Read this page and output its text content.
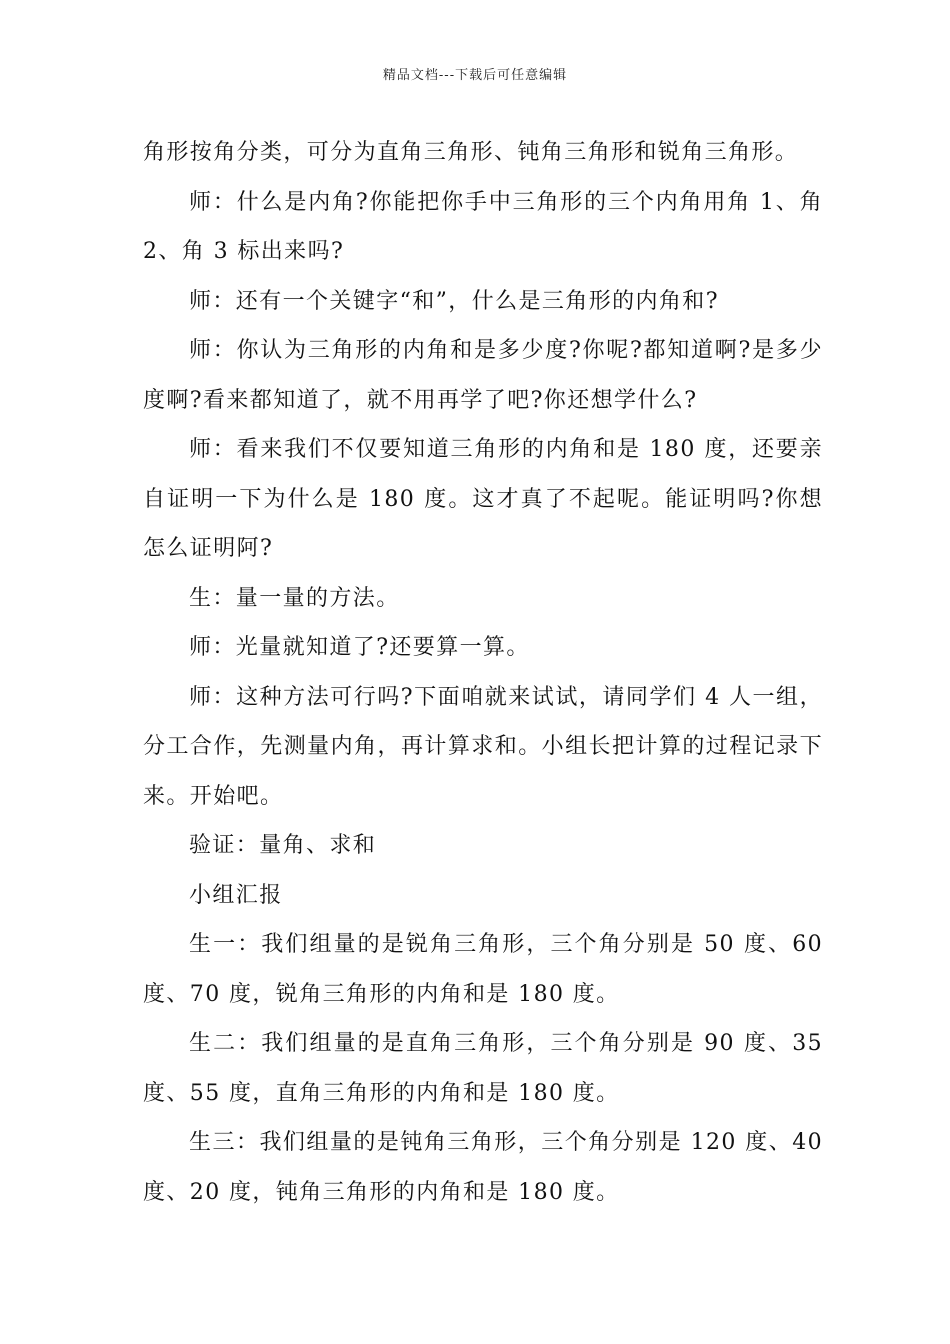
精品文档---下载后可任意编辑

角形按角分类，可分为直角三角形、钝角三角形和锐角三角形。

师：什么是内角?你能把你手中三角形的三个内角用角 1、角 2、角 3 标出来吗?

师：还有一个关键字“和”，什么是三角形的内角和?

师：你认为三角形的内角和是多少度?你呢?都知道啊?是多少度啊?看来都知道了，就不用再学了吧?你还想学什么?

师：看来我们不仅要知道三角形的内角和是 180 度，还要亲自证明一下为什么是 180 度。这才真了不起呢。能证明吗?你想怎么证明阿?

生：量一量的方法。

师：光量就知道了?还要算一算。

师：这种方法可行吗?下面咱就来试试，请同学们 4 人一组，分工合作，先测量内角，再计算求和。小组长把计算的过程记录下来。开始吧。

验证：量角、求和

小组汇报

生一：我们组量的是锐角三角形，三个角分别是 50 度、60 度、70 度，锐角三角形的内角和是 180 度。

生二：我们组量的是直角三角形，三个角分别是 90 度、35 度、55 度，直角三角形的内角和是 180 度。

生三：我们组量的是钝角三角形，三个角分别是 120 度、40 度、20 度，钝角三角形的内角和是 180 度。
